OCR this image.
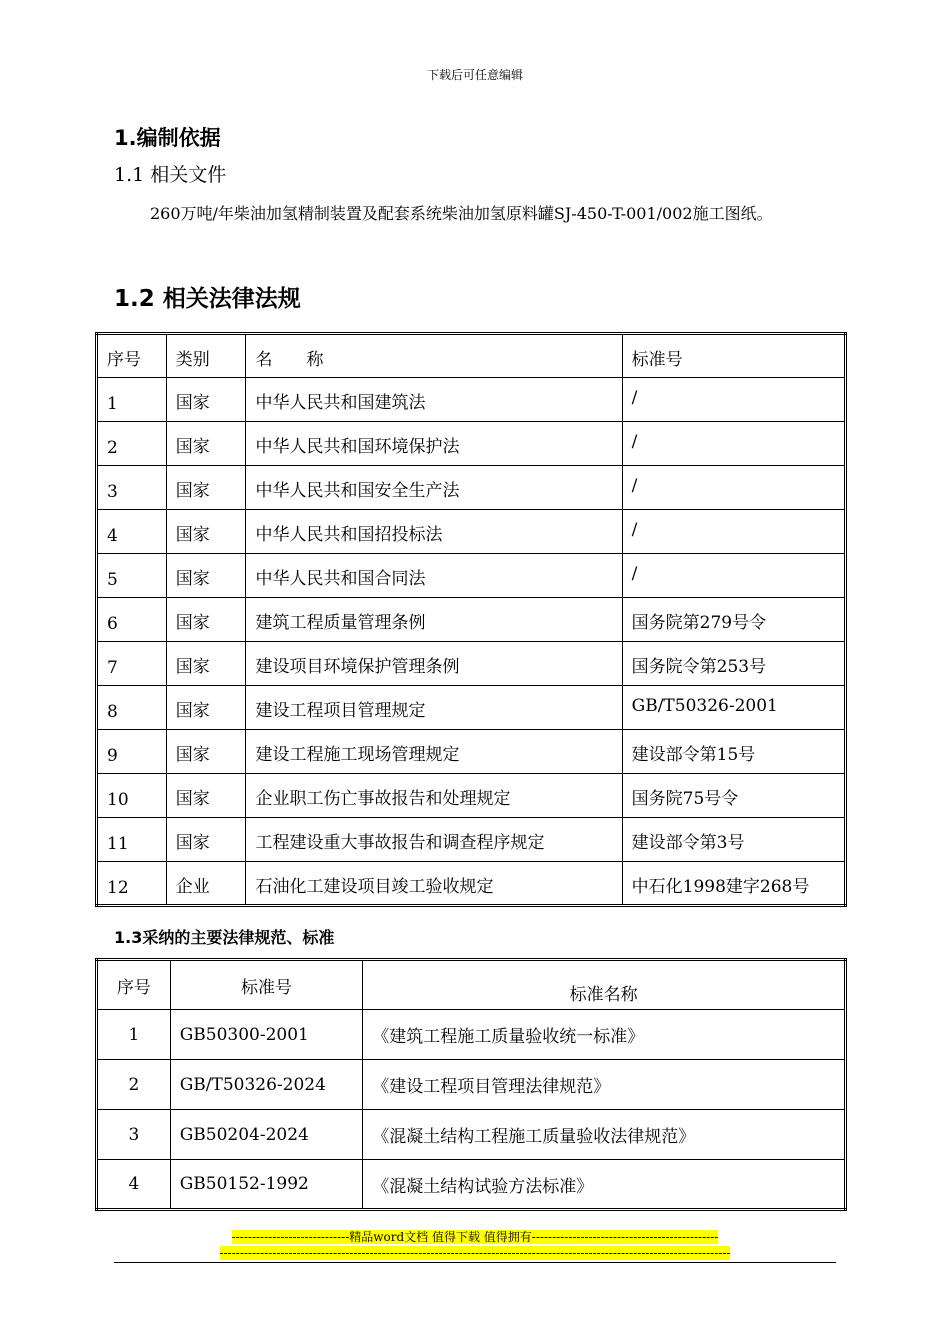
下载后可任意编辑
1.编制依据
1.1 相关文件
260万吨/年柴油加氢精制装置及配套系统柴油加氢原料罐SJ-450-T-001/002施工图纸。
1.2 相关法律法规
序号	类别	名　　称	标准号
1	国家	中华人民共和国建筑法	/
2	国家	中华人民共和国环境保护法	/
3	国家	中华人民共和国安全生产法	/
4	国家	中华人民共和国招投标法	/
5	国家	中华人民共和国合同法	/
6	国家	建筑工程质量管理条例	国务院第279号令
7	国家	建设项目环境保护管理条例	国务院令第253号
8	国家	建设工程项目管理规定	GB/T50326-2001
9	国家	建设工程施工现场管理规定	建设部令第15号
10	国家	企业职工伤亡事故报告和处理规定	国务院75号令
11	国家	工程建设重大事故报告和调查程序规定	建设部令第3号
12	企业	石油化工建设项目竣工验收规定	中石化1998建字268号
1.3采纳的主要法律规范、标准
序号	标准号	标准名称
1	GB50300-2001	《建筑工程施工质量验收统一标准》
2	GB/T50326-2024	《建设工程项目管理法律规范》
3	GB50204-2024	《混凝土结构工程施工质量验收法律规范》
4	GB50152-1992	《混凝土结构试验方法标准》
-----------------------------精品word文档 值得下载 值得拥有----------------------------------------------
------------------------------------------------------------------------------------------------------------------------------
